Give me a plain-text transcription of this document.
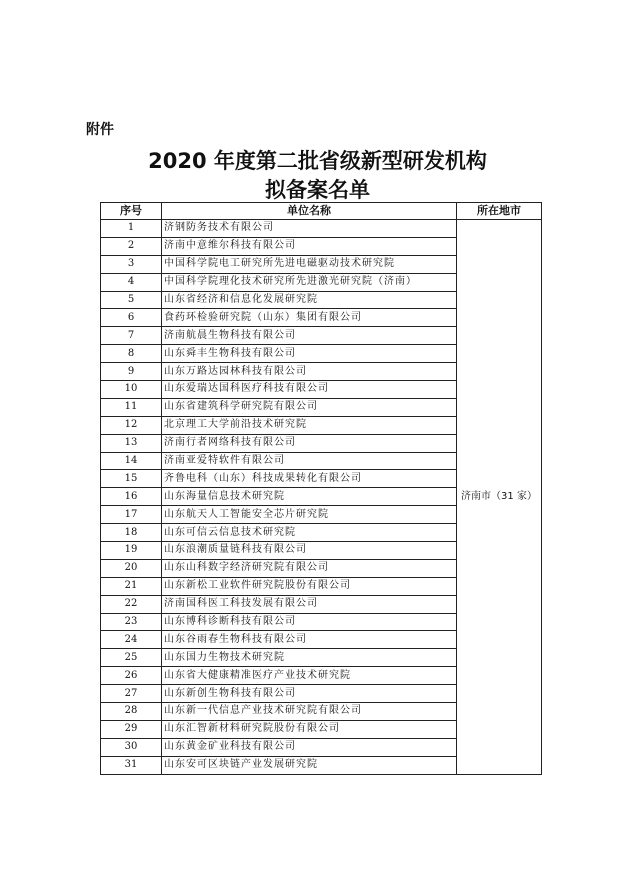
附件
2020 年度第二批省级新型研发机构
拟备案名单
序号	单位名称	所在地市
1	济钢防务技术有限公司	济南市（31 家）
2	济南中意维尔科技有限公司	
3	中国科学院电工研究所先进电磁驱动技术研究院	
4	中国科学院理化技术研究所先进激光研究院（济南）	
5	山东省经济和信息化发展研究院	
6	食药环检验研究院（山东）集团有限公司	
7	济南航晨生物科技有限公司	
8	山东舜丰生物科技有限公司	
9	山东万路达园林科技有限公司	
10	山东爱瑞达国科医疗科技有限公司	
11	山东省建筑科学研究院有限公司	
12	北京理工大学前沿技术研究院	
13	济南行者网络科技有限公司	
14	济南亚爱特软件有限公司	
15	齐鲁电科（山东）科技成果转化有限公司	
16	山东海量信息技术研究院	
17	山东航天人工智能安全芯片研究院	
18	山东可信云信息技术研究院	
19	山东浪潮质量链科技有限公司	
20	山东山科数字经济研究院有限公司	
21	山东新松工业软件研究院股份有限公司	
22	济南国科医工科技发展有限公司	
23	山东博科诊断科技有限公司	
24	山东谷雨春生物科技有限公司	
25	山东国力生物技术研究院	
26	山东省大健康精准医疗产业技术研究院	
27	山东新创生物科技有限公司	
28	山东新一代信息产业技术研究院有限公司	
29	山东汇智新材料研究院股份有限公司	
30	山东黄金矿业科技有限公司	
31	山东安可区块链产业发展研究院	
